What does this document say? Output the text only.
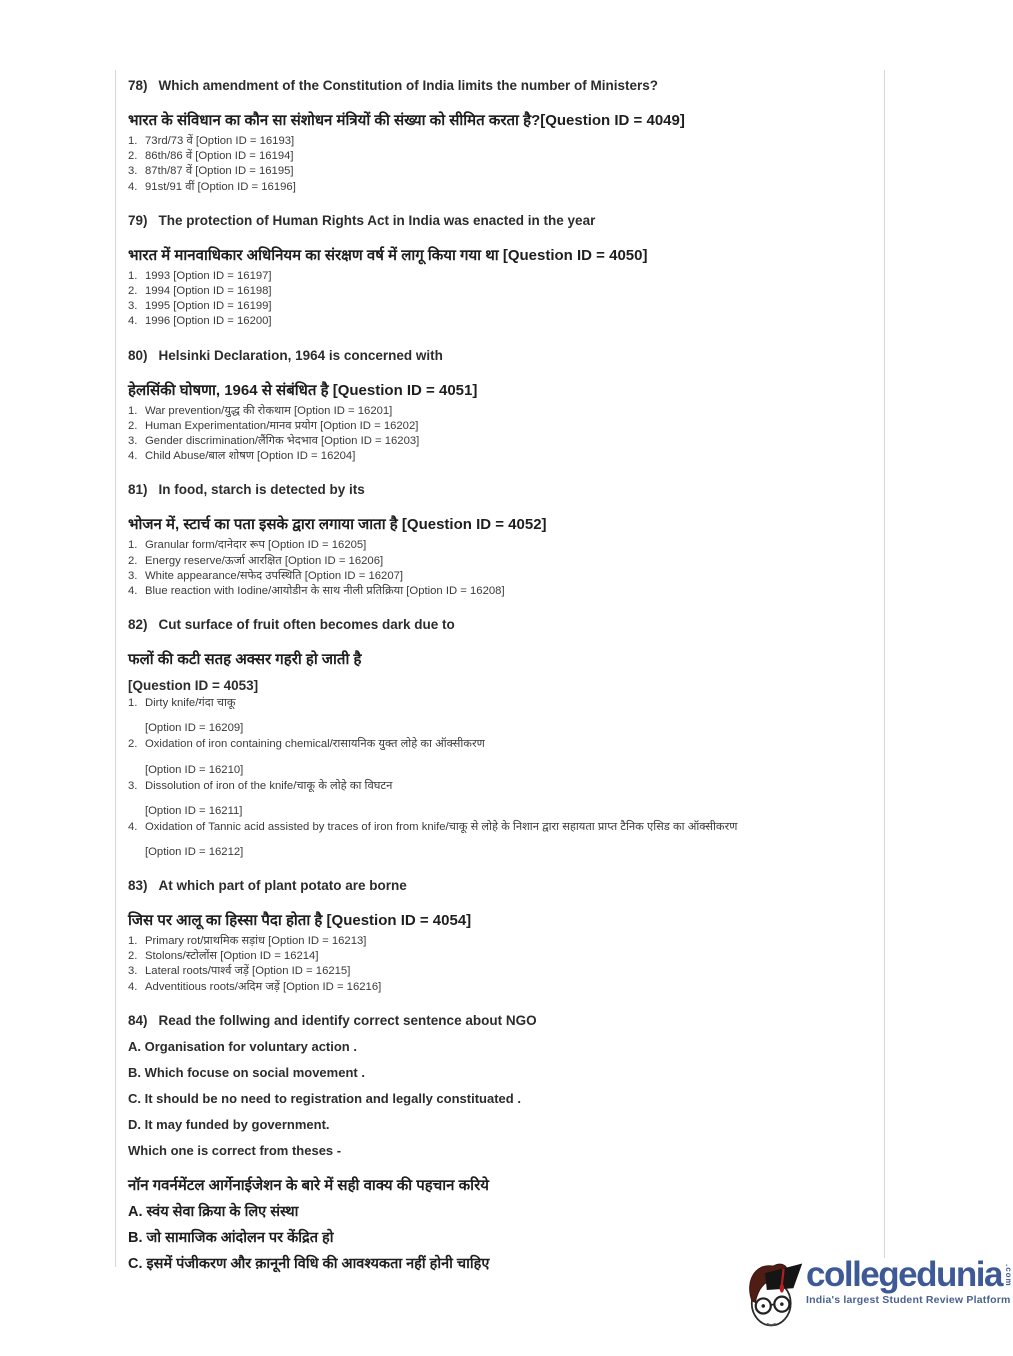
78) Which amendment of the Constitution of India limits the number of Ministers?
भारत के संविधान का कौन सा संशोधन मंत्रियों की संख्या को सीमित करता है?[Question ID = 4049]
1. 73rd/73 वें [Option ID = 16193]
2. 86th/86 वें [Option ID = 16194]
3. 87th/87 वें [Option ID = 16195]
4. 91st/91 वीं [Option ID = 16196]
79) The protection of Human Rights Act in India was enacted in the year
भारत में मानवाधिकार अधिनियम का संरक्षण वर्ष में लागू किया गया था [Question ID = 4050]
1. 1993 [Option ID = 16197]
2. 1994 [Option ID = 16198]
3. 1995 [Option ID = 16199]
4. 1996 [Option ID = 16200]
80) Helsinki Declaration, 1964 is concerned with
हेलसिंकी घोषणा, 1964 से संबंधित है [Question ID = 4051]
1. War prevention/युद्ध की रोकथाम [Option ID = 16201]
2. Human Experimentation/मानव प्रयोग [Option ID = 16202]
3. Gender discrimination/लैंगिक भेदभाव [Option ID = 16203]
4. Child Abuse/बाल शोषण [Option ID = 16204]
81) In food, starch is detected by its
भोजन में, स्टार्च का पता इसके द्वारा लगाया जाता है [Question ID = 4052]
1. Granular form/दानेदार रूप [Option ID = 16205]
2. Energy reserve/ऊर्जा आरक्षित [Option ID = 16206]
3. White appearance/सफेद उपस्थिति [Option ID = 16207]
4. Blue reaction with Iodine/आयोडीन के साथ नीली प्रतिक्रिया [Option ID = 16208]
82) Cut surface of fruit often becomes dark due to
फलों की कटी सतह अक्सर गहरी हो जाती है
[Question ID = 4053]
1. Dirty knife/गंदा चाकू
[Option ID = 16209]
2. Oxidation of iron containing chemical/रासायनिक युक्त लोहे का ऑक्सीकरण
[Option ID = 16210]
3. Dissolution of iron of the knife/चाकू के लोहे का विघटन
[Option ID = 16211]
4. Oxidation of Tannic acid assisted by traces of iron from knife/चाकू से लोहे के निशान द्वारा सहायता प्राप्त टैनिक एसिड का ऑक्सीकरण
[Option ID = 16212]
83) At which part of plant potato are borne
जिस पर आलू का हिस्सा पैदा होता है [Question ID = 4054]
1. Primary rot/प्राथमिक सड़ांध [Option ID = 16213]
2. Stolons/स्टोलोंस [Option ID = 16214]
3. Lateral roots/पार्श्व जड़ें [Option ID = 16215]
4. Adventitious roots/अदिम जड़ें [Option ID = 16216]
84) Read the follwing and identify correct sentence about NGO
A. Organisation for voluntary action .
B. Which focuse on social movement .
C. It should be no need to registration and legally constituated .
D. It may funded by government.
Which one is correct from theses -
नॉन गवर्नमेंटल आर्गेनाईजेशन के बारे में सही वाक्य की पहचान करिये
A. स्वंय सेवा क्रिया के लिए संस्था
B. जो सामाजिक आंदोलन पर केंद्रित हो
C. इसमें पंजीकरण और क़ानूनी विधि की आवश्यकता नहीं होनी चाहिए	collegedunia .com
India's largest Student Review Platform
